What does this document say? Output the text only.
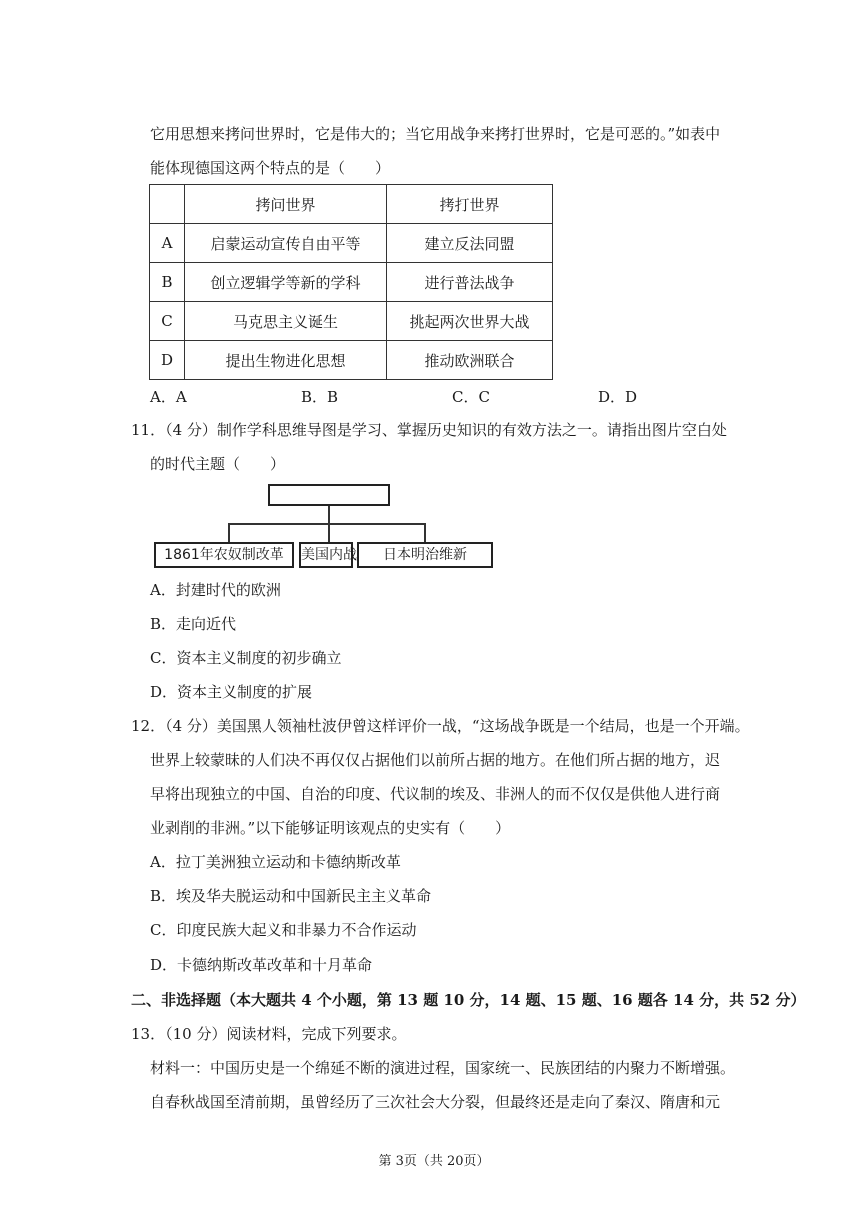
它用思想来拷问世界时，它是伟大的；当它用战争来拷打世界时，它是可恶的。”如表中
能体现德国这两个特点的是（　　）
	拷问世界	拷打世界
A	启蒙运动宣传自由平等	建立反法同盟
B	创立逻辑学等新的学科	进行普法战争
C	马克思主义诞生	挑起两次世界大战
D	提出生物进化思想	推动欧洲联合
A．A	B．B	C．C	D．D
11．（4 分）制作学科思维导图是学习、掌握历史知识的有效方法之一。请指出图片空白处
的时代主题（　　）
1861年农奴制改革	美国内战	日本明治维新
A．封建时代的欧洲
B．走向近代
C．资本主义制度的初步确立
D．资本主义制度的扩展
12．（4 分）美国黑人领袖杜波伊曾这样评价一战，“这场战争既是一个结局，也是一个开端。
世界上较蒙昧的人们决不再仅仅占据他们以前所占据的地方。在他们所占据的地方，迟
早将出现独立的中国、自治的印度、代议制的埃及、非洲人的而不仅仅是供他人进行商
业剥削的非洲。”以下能够证明该观点的史实有（　　）
A．拉丁美洲独立运动和卡德纳斯改革
B．埃及华夫脱运动和中国新民主主义革命
C．印度民族大起义和非暴力不合作运动
D．卡德纳斯改革改革和十月革命
二、非选择题（本大题共 4 个小题，第 13 题 10 分，14 题、15 题、16 题各 14 分，共 52 分）
13．（10 分）阅读材料，完成下列要求。
材料一：中国历史是一个绵延不断的演进过程，国家统一、民族团结的内聚力不断增强。
自春秋战国至清前期，虽曾经历了三次社会大分裂，但最终还是走向了秦汉、隋唐和元
第 3页（共 20页）
